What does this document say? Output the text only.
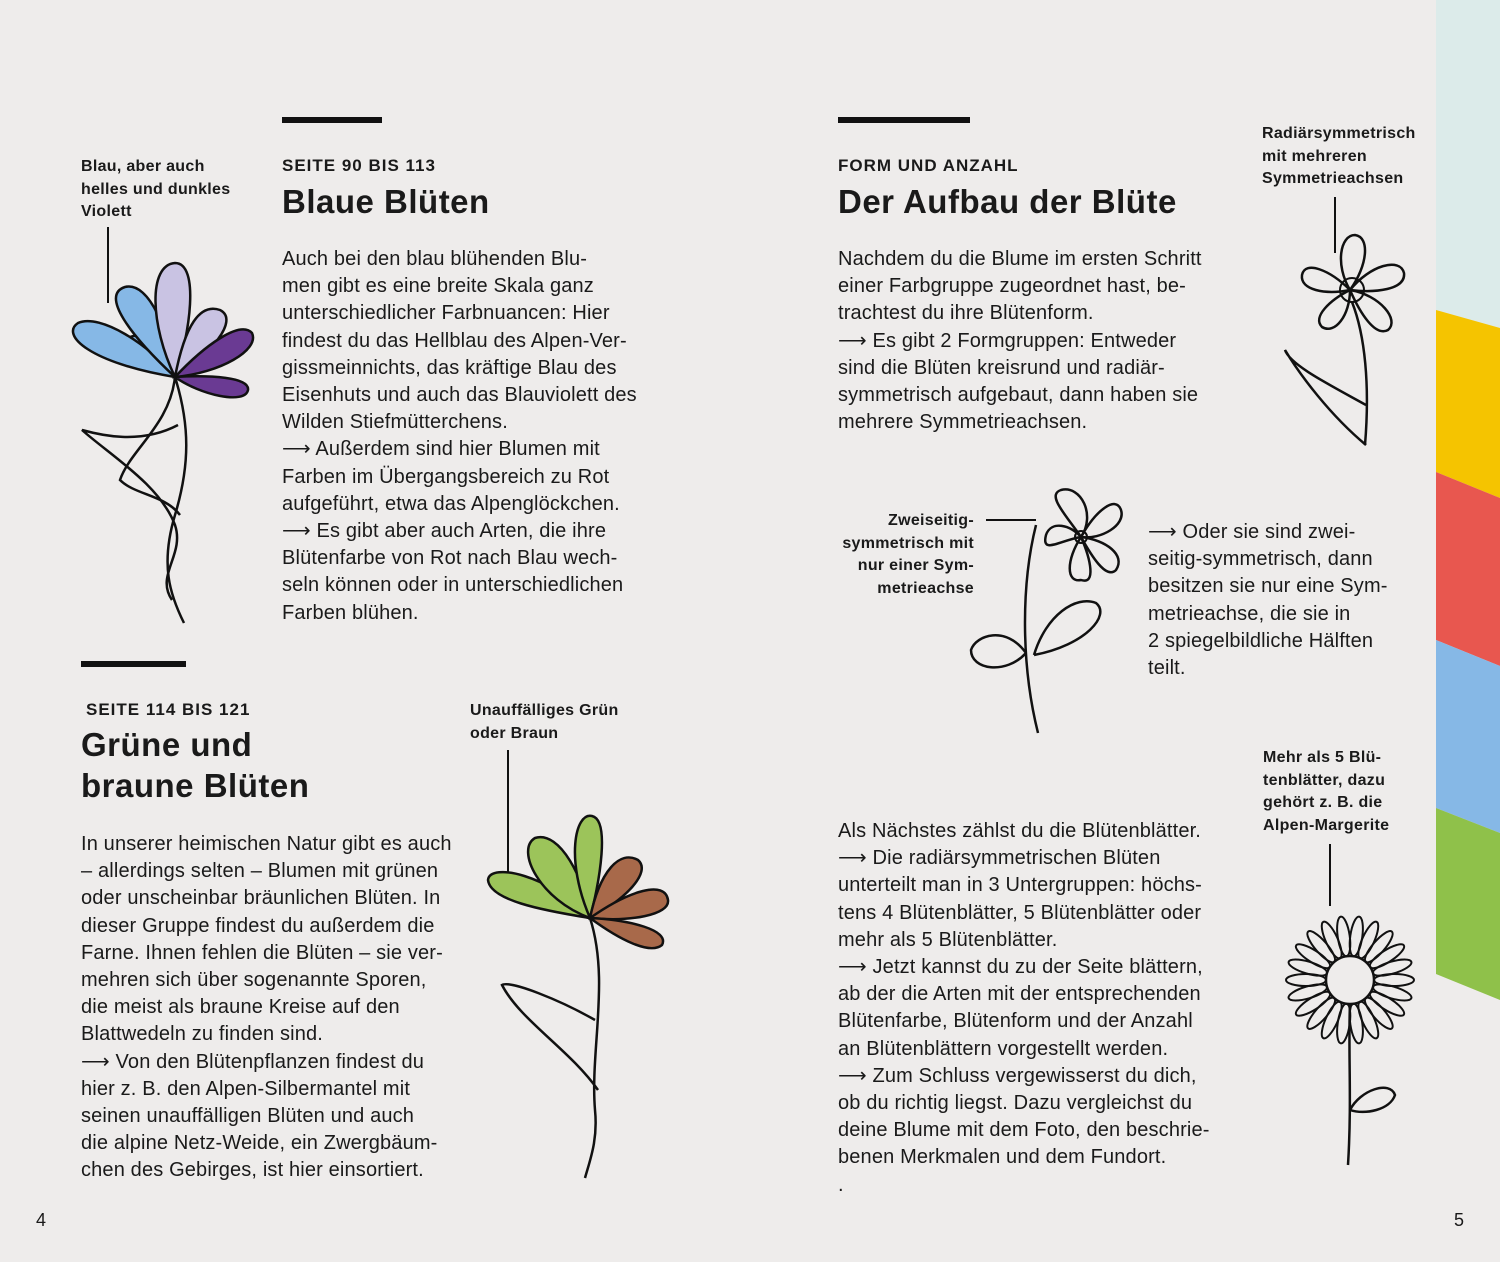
SEITE 90 BIS 113
Blaue Blüten
Auch bei den blau blühenden Blu-
men gibt es eine breite Skala ganz
unterschiedlicher Farbnuancen: Hier
findest du das Hellblau des Alpen-Ver-
gissmeinnichts, das kräftige Blau des
Eisenhuts und auch das Blauviolett des
Wilden Stiefmütterchens.
⟶ Außerdem sind hier Blumen mit
Farben im Übergangsbereich zu Rot
aufgeführt, etwa das Alpenglöckchen.
⟶ Es gibt aber auch Arten, die ihre
Blütenfarbe von Rot nach Blau wech-
seln können oder in unterschiedlichen
Farben blühen.
Blau, aber auch
helles und dunkles
Violett
SEITE 114 BIS 121
Grüne und
braune Blüten
In unserer heimischen Natur gibt es auch
– allerdings selten – Blumen mit grünen
oder unscheinbar bräunlichen Blüten. In
dieser Gruppe findest du außerdem die
Farne. Ihnen fehlen die Blüten – sie ver-
mehren sich über sogenannte Sporen,
die meist als braune Kreise auf den
Blattwedeln zu finden sind.
⟶ Von den Blütenpflanzen findest du
hier z. B. den Alpen-Silbermantel mit
seinen unauffälligen Blüten und auch
die alpine Netz-Weide, ein Zwergbäum-
chen des Gebirges, ist hier einsortiert.
Unauffälliges Grün
oder Braun
4
FORM UND ANZAHL
Der Aufbau der Blüte
Nachdem du die Blume im ersten Schritt
einer Farbgruppe zugeordnet hast, be-
trachtest du ihre Blütenform.
⟶ Es gibt 2 Formgruppen: Entweder
sind die Blüten kreisrund und radiär-
symmetrisch aufgebaut, dann haben sie
mehrere Symmetrieachsen.
Radiärsymmetrisch
mit mehreren
Symmetrieachsen
Zweiseitig-
symmetrisch mit
nur einer Sym-
metrieachse
⟶ Oder sie sind zwei-
seitig-symmetrisch, dann
besitzen sie nur eine Sym-
metrieachse, die sie in
2 spiegelbildliche Hälften
teilt.
Als Nächstes zählst du die Blütenblätter.
⟶ Die radiärsymmetrischen Blüten
unterteilt man in 3 Untergruppen: höchs-
tens 4 Blütenblätter, 5 Blütenblätter oder
mehr als 5 Blütenblätter.
⟶ Jetzt kannst du zu der Seite blättern,
ab der die Arten mit der entsprechenden
Blütenfarbe, Blütenform und der Anzahl
an Blütenblättern vorgestellt werden.
⟶ Zum Schluss vergewisserst du dich,
ob du richtig liegst. Dazu vergleichst du
deine Blume mit dem Foto, den beschrie-
benen Merkmalen und dem Fundort.
.
Mehr als 5 Blü-
tenblätter, dazu
gehört z. B. die
Alpen-Margerite
5
